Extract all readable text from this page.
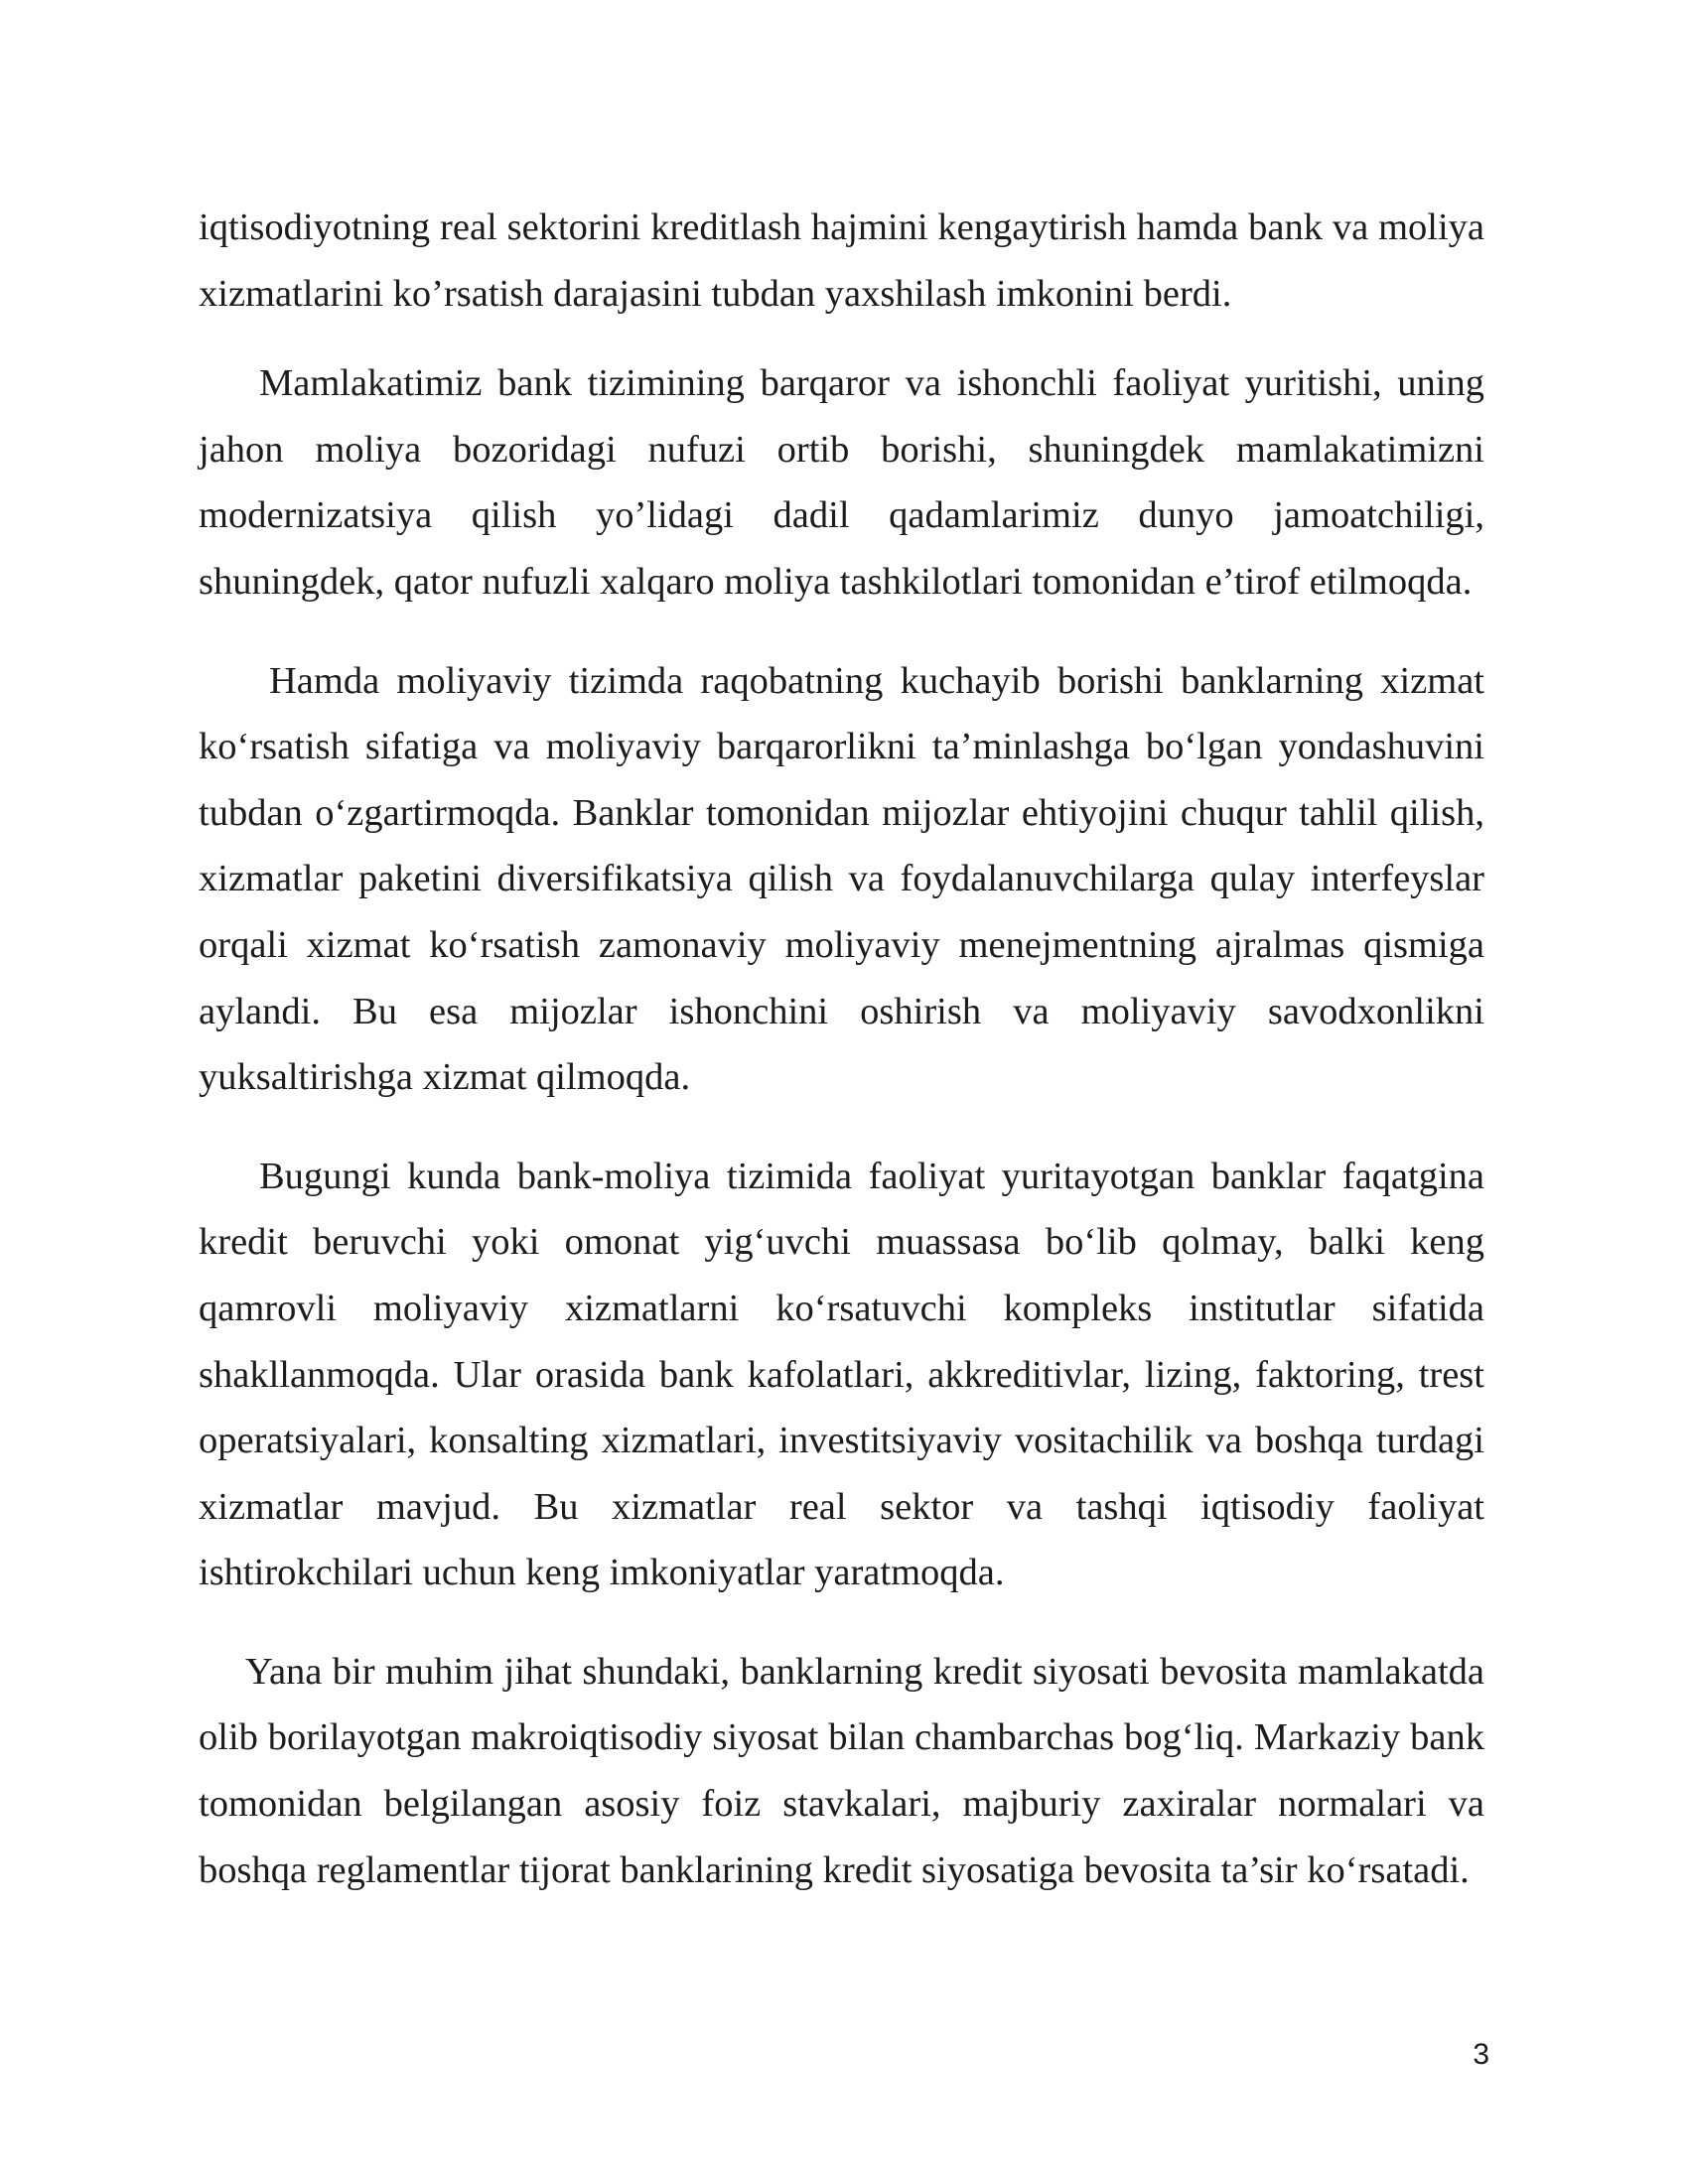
iqtisodiyotning real sektorini kreditlash hajmini kengaytirish hamda bank va moliya xizmatlarini ko’rsatish darajasini tubdan yaxshilash imkonini berdi.

Mamlakatimiz bank tizimining barqaror va ishonchli faoliyat yuritishi, uning jahon moliya bozoridagi nufuzi ortib borishi, shuningdek mamlakatimizni modernizatsiya qilish yo’lidagi dadil qadamlarimiz dunyo jamoatchiligi, shuningdek, qator nufuzli xalqaro moliya tashkilotlari tomonidan e’tirof etilmoqda.

Hamda moliyaviy tizimda raqobatning kuchayib borishi banklarning xizmat ko‘rsatish sifatiga va moliyaviy barqarorlikni ta’minlashga bo‘lgan yondashuvini tubdan o‘zgartirmoqda. Banklar tomonidan mijozlar ehtiyojini chuqur tahlil qilish, xizmatlar paketini diversifikatsiya qilish va foydalanuvchilarga qulay interfeyslar orqali xizmat ko‘rsatish zamonaviy moliyaviy menejmentning ajralmas qismiga aylandi. Bu esa mijozlar ishonchini oshirish va moliyaviy savodxonlikni yuksaltirishga xizmat qilmoqda.

Bugungi kunda bank-moliya tizimida faoliyat yuritayotgan banklar faqatgina kredit beruvchi yoki omonat yig‘uvchi muassasa bo‘lib qolmay, balki keng qamrovli moliyaviy xizmatlarni ko‘rsatuvchi kompleks institutlar sifatida shakllanmoqda. Ular orasida bank kafolatlari, akkreditivlar, lizing, faktoring, trest operatsiyalari, konsalting xizmatlari, investitsiyaviy vositachilik va boshqa turdagi xizmatlar mavjud. Bu xizmatlar real sektor va tashqi iqtisodiy faoliyat ishtirokchilari uchun keng imkoniyatlar yaratmoqda.

Yana bir muhim jihat shundaki, banklarning kredit siyosati bevosita mamlakatda olib borilayotgan makroiqtisodiy siyosat bilan chambarchas bog‘liq. Markaziy bank tomonidan belgilangan asosiy foiz stavkalari, majburiy zaxiralar normalari va boshqa reglamentlar tijorat banklarining kredit siyosatiga bevosita ta’sir ko‘rsatadi.

3
